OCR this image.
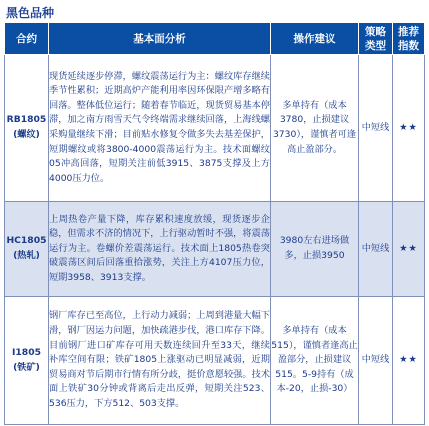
黑色品种
合约	基本面分析	操作建议	策略
类型	推荐
指数

RB1805
(螺纹)	现货延续逐步停滞，螺纹震荡运行为主：螺纹库存继续季节性累积；近期高炉产能利用率因环保限产增多略有回落。整体低位运行；随着春节临近，现货贸易基本停滞，加之南方雨雪天气令终端需求继续回落，上海线螺采购量继续下滑；目前贴水修复令做多失去基差保护，短期螺纹或将3800-4000震荡运行为主。技术面螺纹05冲高回落，短期关注前低3915、3875支撑及上方4000压力位。	多单持有（成本3780，止损建议3730），谨慎者可逢高止盈部分。	中短线	★★

HC1805
(热轧)	上周热卷产量下降，库存累积速度放缓，现货逐步企稳，但需求不济的情况下，上行驱动暂时不强，将震荡运行为主。卷螺价差震荡运行。技术面上1805热卷突破震荡区间后回落重拾涨势，关注上方4107压力位，短期3958、3913支撑。	3980左右进场做多，止损3950	中短线	★★

I1805
(铁矿)	钢厂库存已至高位，上行动力减弱；上周到港量大幅下滑，钢厂因运力问题，加快疏港步伐，港口库存下降。目前钢厂进口矿库存可用天数连续回升至33天，继续补库空间有限；铁矿1805上涨驱动已明显减弱，近期贸易商对节后期市行情有所分歧，挺价意愿较强。技术面上铁矿30分钟或背离后走出反弹，短期关注523、536压力，下方512、503支撑。	多单持有（成本515），谨慎者逢高止盈部分，止损建议515。5-9持有（成本-20，止损-30）	中短线	★★
